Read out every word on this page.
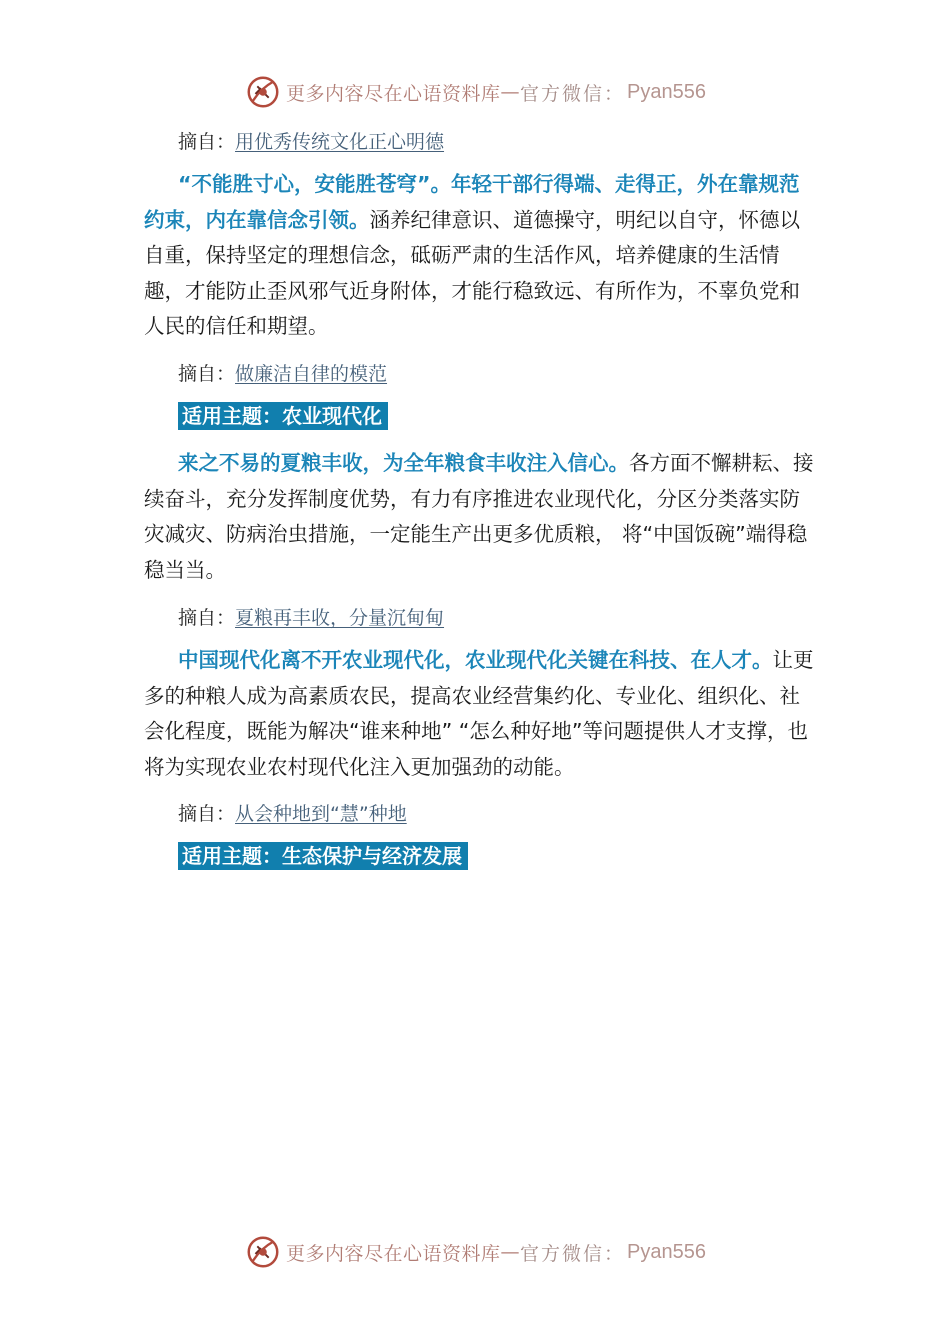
更多内容尽在心语资料库 — 官方微信： Pyan556
摘自：用优秀传统文化正心明德

“不能胜寸心，安能胜苍穹”。年轻干部行得端、走得正，外在靠规范约束，内在靠信念引领。涵养纪律意识、道德操守，明纪以自守，怀德以自重，保持坚定的理想信念，砥砺严肃的生活作风，培养健康的生活情趣，才能防止歪风邪气近身附体，才能行稳致远、有所作为，不辜负党和人民的信任和期望。

摘自：做廉洁自律的模范
适用主题：农业现代化

来之不易的夏粮丰收，为全年粮食丰收注入信心。各方面不懈耕耘、接续奋斗，充分发挥制度优势，有力有序推进农业现代化，分区分类落实防灾减灾、防病治虫措施，一定能生产出更多优质粮， 将“中国饭碗”端得稳稳当当。

摘自：夏粮再丰收，分量沉甸甸

中国现代化离不开农业现代化，农业现代化关键在科技、在人才。让更多的种粮人成为高素质农民，提高农业经营集约化、专业化、组织化、社会化程度，既能为解决“谁来种地” “怎么种好地”等问题提供人才支撑，也将为实现农业农村现代化注入更加强劲的动能。

摘自：从会种地到“慧”种地
适用主题：生态保护与经济发展
更多内容尽在心语资料库 — 官方微信： Pyan556
